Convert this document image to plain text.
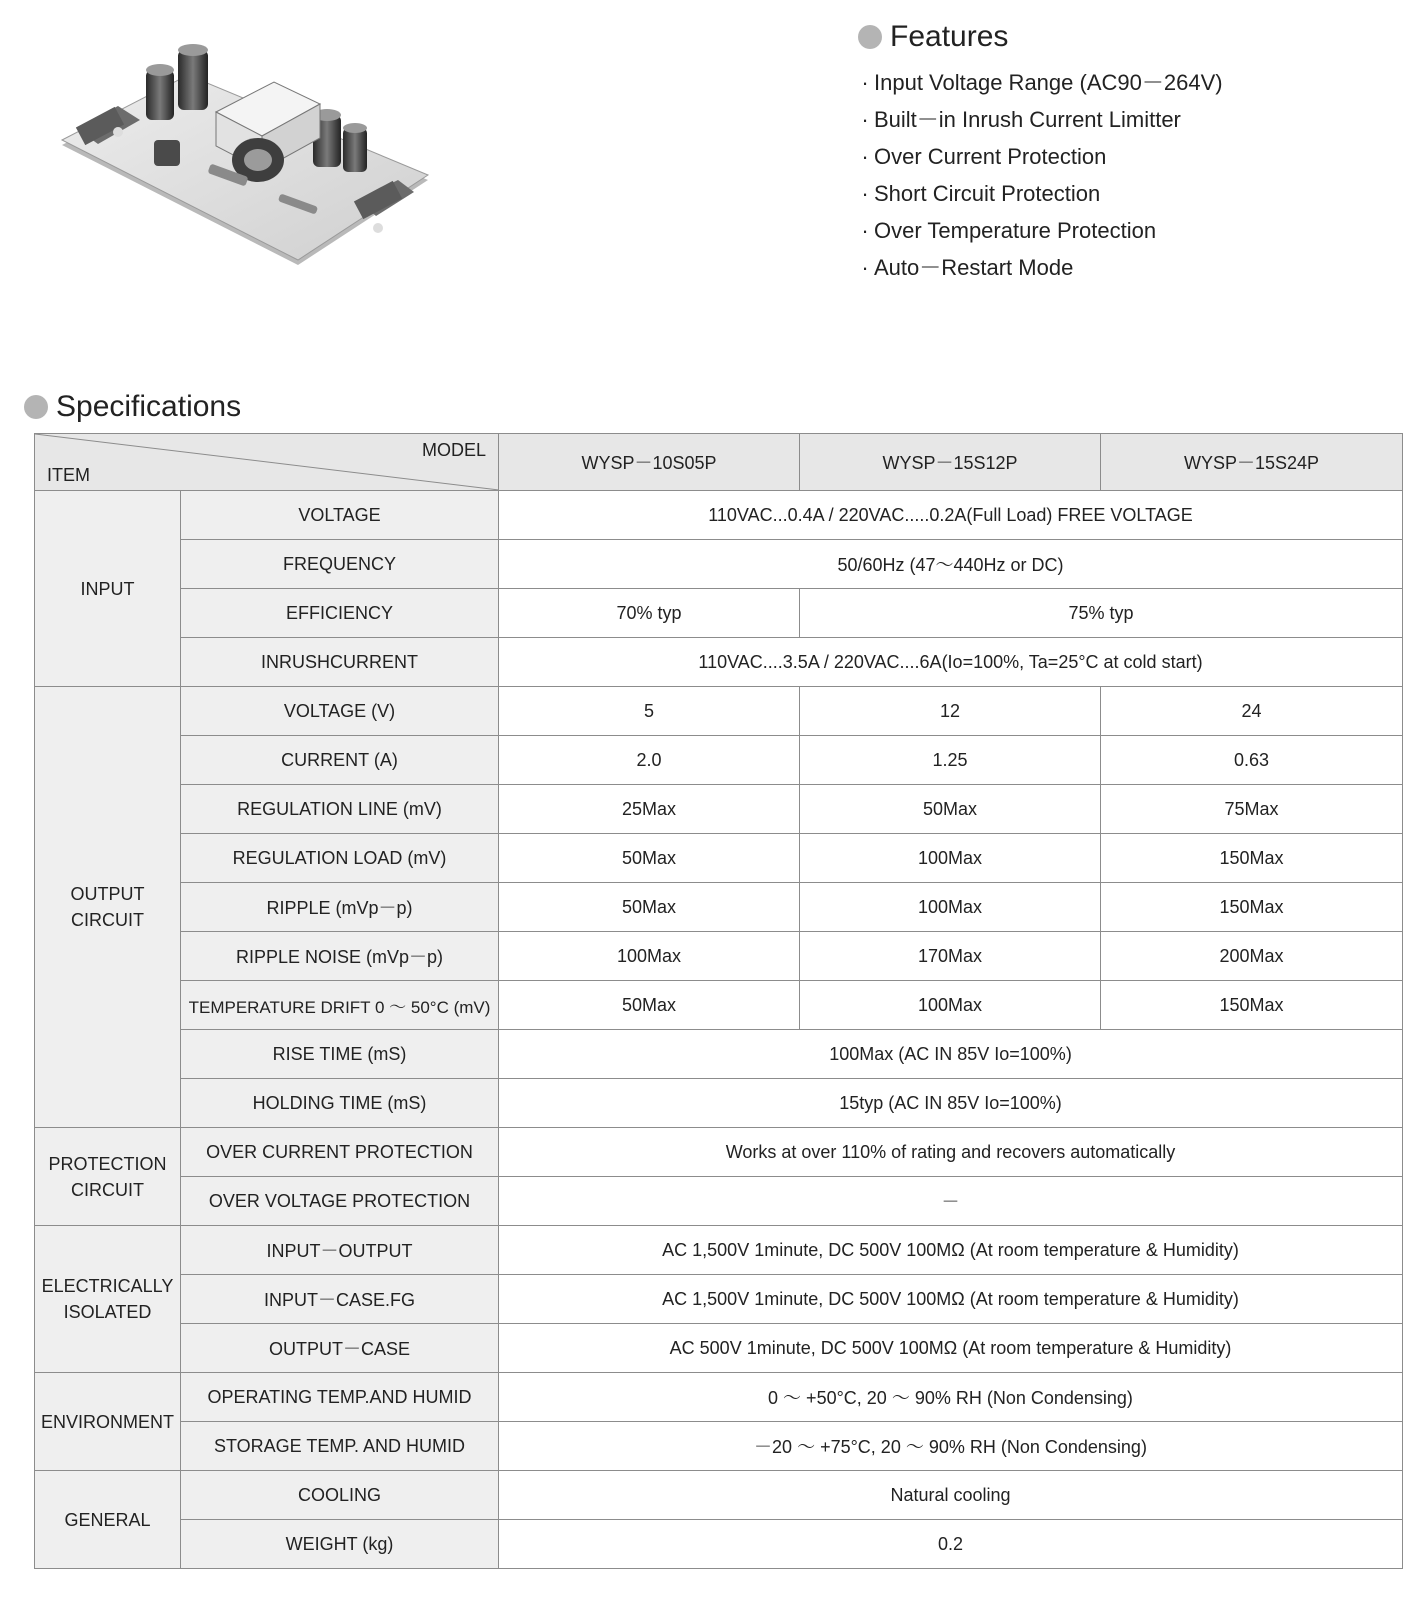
Features
· Input Voltage Range (AC90－264V)
· Built－in Inrush Current Limitter
· Over Current Protection
· Short Circuit Protection
· Over Temperature Protection
· Auto－Restart Mode
Specifications
MODEL
ITEM		WYSP－10S05P	WYSP－15S12P	WYSP－15S24P
INPUT	VOLTAGE	110VAC...0.4A / 220VAC.....0.2A(Full Load) FREE VOLTAGE		
	FREQUENCY	50/60Hz (47～440Hz or DC)		
	EFFICIENCY	70% typ	75% typ	
	INRUSHCURRENT	110VAC....3.5A / 220VAC....6A(Io=100%, Ta=25°C at cold start)		
OUTPUT CIRCUIT	VOLTAGE (V)	5	12	24
	CURRENT (A)	2.0	1.25	0.63
	REGULATION LINE (mV)	25Max	50Max	75Max
	REGULATION LOAD (mV)	50Max	100Max	150Max
	RIPPLE (mVp－p)	50Max	100Max	150Max
	RIPPLE NOISE (mVp－p)	100Max	170Max	200Max
	TEMPERATURE DRIFT 0 ～ 50°C (mV)	50Max	100Max	150Max
	RISE TIME (mS)	100Max (AC IN 85V Io=100%)		
	HOLDING TIME (mS)	15typ (AC IN 85V Io=100%)		
PROTECTION CIRCUIT	OVER CURRENT PROTECTION	Works at over 110% of rating and recovers automatically		
	OVER VOLTAGE PROTECTION	－		
ELECTRICALLY ISOLATED	INPUT－OUTPUT	AC 1,500V 1minute, DC 500V 100MΩ (At room temperature & Humidity)		
	INPUT－CASE.FG	AC 1,500V 1minute, DC 500V 100MΩ (At room temperature & Humidity)		
	OUTPUT－CASE	AC 500V 1minute, DC 500V 100MΩ (At room temperature & Humidity)		
ENVIRONMENT	OPERATING TEMP.AND HUMID	0 ～ +50°C, 20 ～ 90% RH (Non Condensing)		
	STORAGE TEMP. AND HUMID	－20 ～ +75°C, 20 ～ 90% RH (Non Condensing)		
GENERAL	COOLING	Natural cooling		
	WEIGHT (kg)	0.2		
